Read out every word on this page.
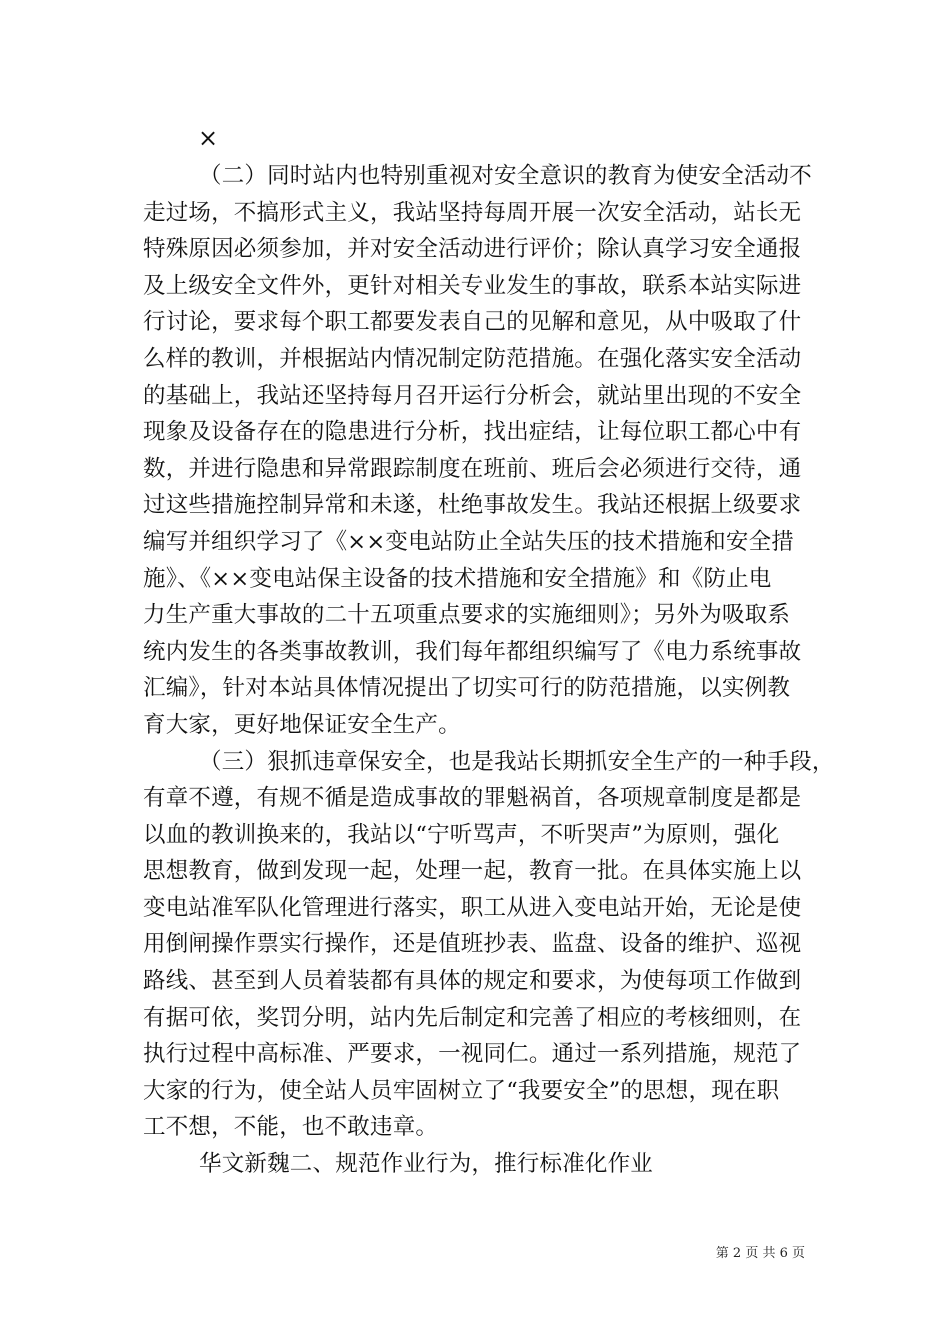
×

（二）同时站内也特别重视对安全意识的教育为使安全活动不
走过场，不搞形式主义，我站坚持每周开展一次安全活动，站长无
特殊原因必须参加，并对安全活动进行评价；除认真学习安全通报
及上级安全文件外，更针对相关专业发生的事故，联系本站实际进
行讨论，要求每个职工都要发表自己的见解和意见，从中吸取了什
么样的教训，并根据站内情况制定防范措施。在强化落实安全活动
的基础上，我站还坚持每月召开运行分析会，就站里出现的不安全
现象及设备存在的隐患进行分析，找出症结，让每位职工都心中有
数，并进行隐患和异常跟踪制度在班前、班后会必须进行交待，通
过这些措施控制异常和未遂，杜绝事故发生。我站还根据上级要求
编写并组织学习了《××变电站防止全站失压的技术措施和安全措
施》、《××变电站保主设备的技术措施和安全措施》和《防止电
力生产重大事故的二十五项重点要求的实施细则》；另外为吸取系
统内发生的各类事故教训，我们每年都组织编写了《电力系统事故
汇编》，针对本站具体情况提出了切实可行的防范措施，以实例教
育大家，更好地保证安全生产。

（三）狠抓违章保安全，也是我站长期抓安全生产的一种手段，
有章不遵，有规不循是造成事故的罪魁祸首，各项规章制度是都是
以血的教训换来的，我站以“宁听骂声，不听哭声”为原则，强化
思想教育，做到发现一起，处理一起，教育一批。在具体实施上以
变电站准军队化管理进行落实，职工从进入变电站开始，无论是使
用倒闸操作票实行操作，还是值班抄表、监盘、设备的维护、巡视
路线、甚至到人员着装都有具体的规定和要求，为使每项工作做到
有据可依，奖罚分明，站内先后制定和完善了相应的考核细则，在
执行过程中高标准、严要求，一视同仁。通过一系列措施，规范了
大家的行为，使全站人员牢固树立了“我要安全”的思想，现在职
工不想，不能，也不敢违章。

华文新魏二、规范作业行为，推行标准化作业

第 2 页 共 6 页
